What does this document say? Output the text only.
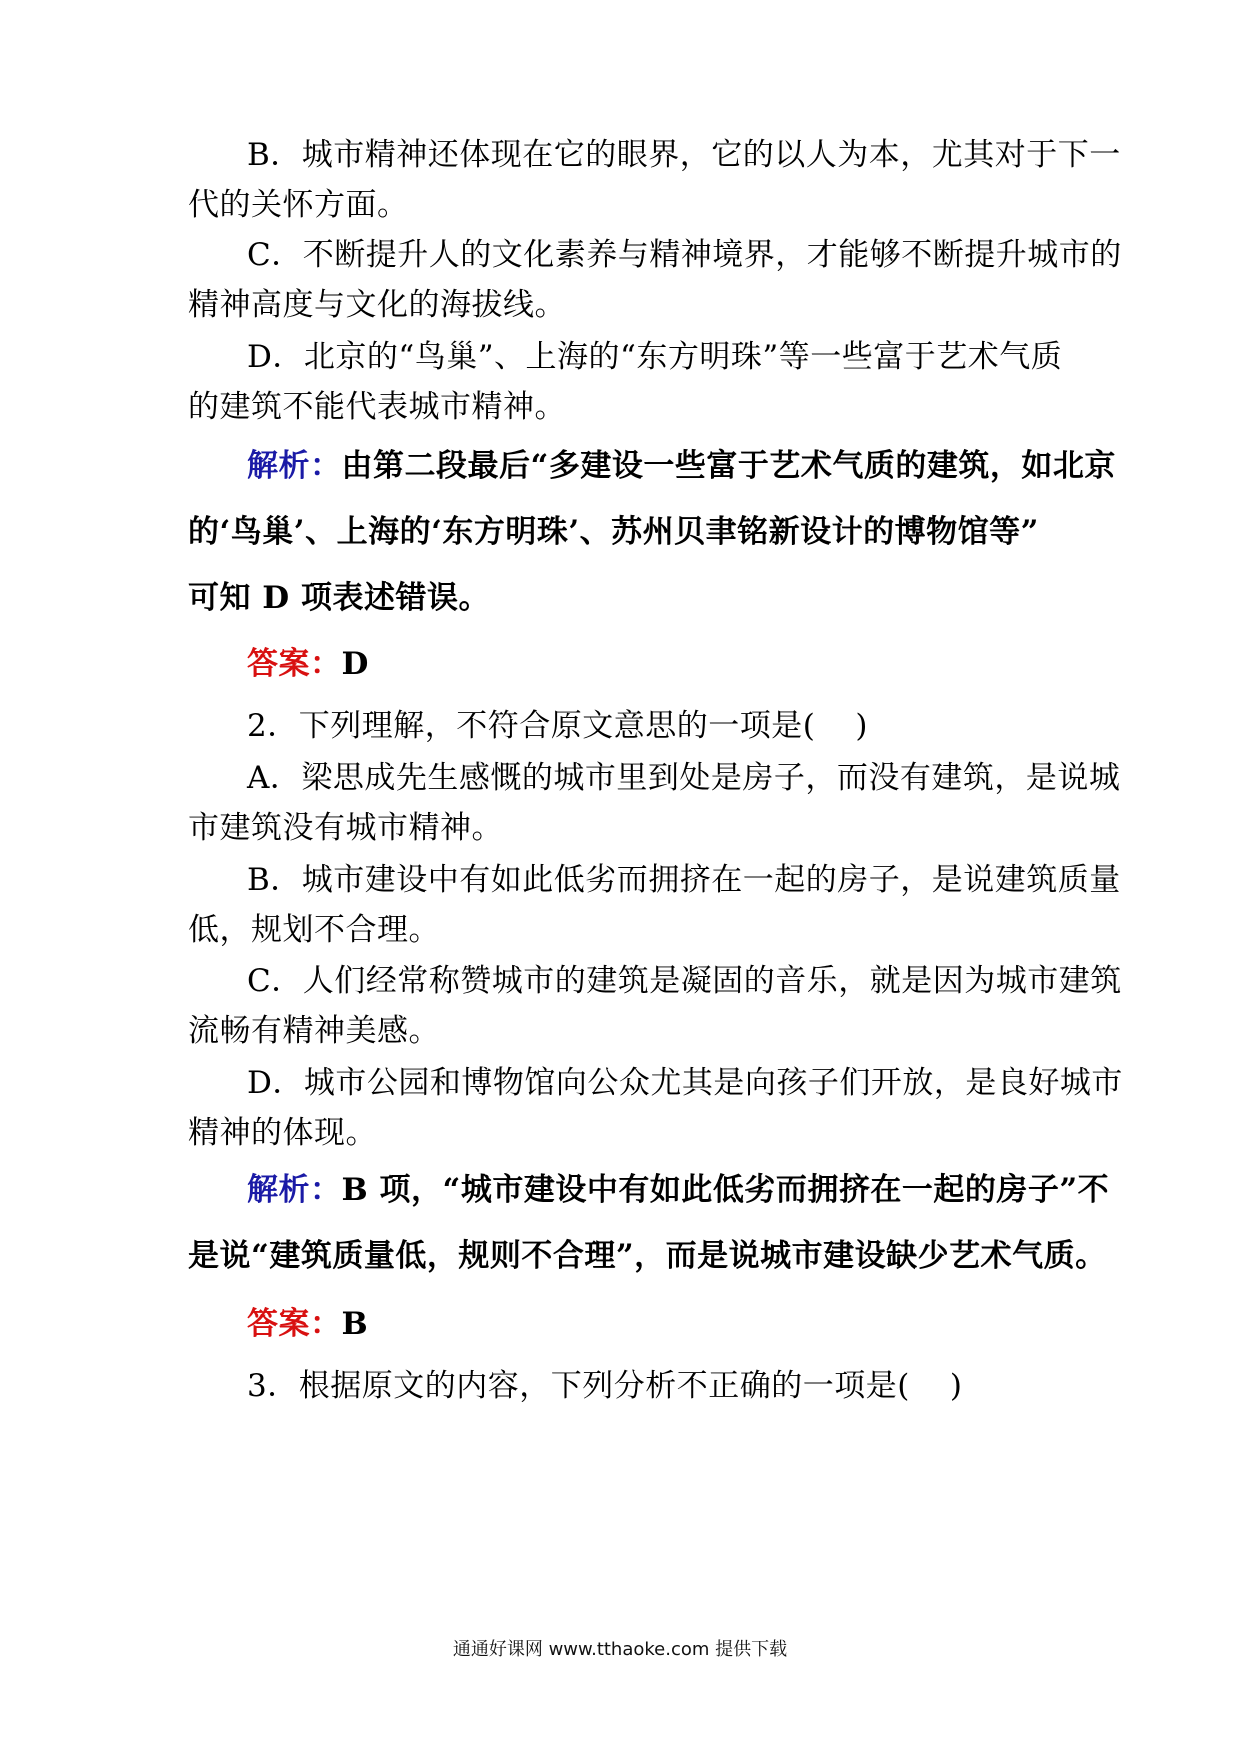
B．城市精神还体现在它的眼界，它的以人为本，尤其对于下一
代的关怀方面。
C．不断提升人的文化素养与精神境界，才能够不断提升城市的
精神高度与文化的海拔线。
D．北京的“鸟巢”、上海的“东方明珠”等一些富于艺术气质
的建筑不能代表城市精神。
解析：由第二段最后“多建设一些富于艺术气质的建筑，如北京
的‘鸟巢’、上海的‘东方明珠’、苏州贝聿铭新设计的博物馆等”
可知 D 项表述错误。
答案：D
2．下列理解，不符合原文意思的一项是( )
A．梁思成先生感慨的城市里到处是房子，而没有建筑，是说城
市建筑没有城市精神。
B．城市建设中有如此低劣而拥挤在一起的房子，是说建筑质量
低，规划不合理。
C．人们经常称赞城市的建筑是凝固的音乐，就是因为城市建筑
流畅有精神美感。
D．城市公园和博物馆向公众尤其是向孩子们开放，是良好城市
精神的体现。
解析：B 项，“城市建设中有如此低劣而拥挤在一起的房子”不
是说“建筑质量低，规则不合理”，而是说城市建设缺少艺术气质。
答案：B
3．根据原文的内容，下列分析不正确的一项是( )
通通好课网 www.tthaoke.com 提供下载
